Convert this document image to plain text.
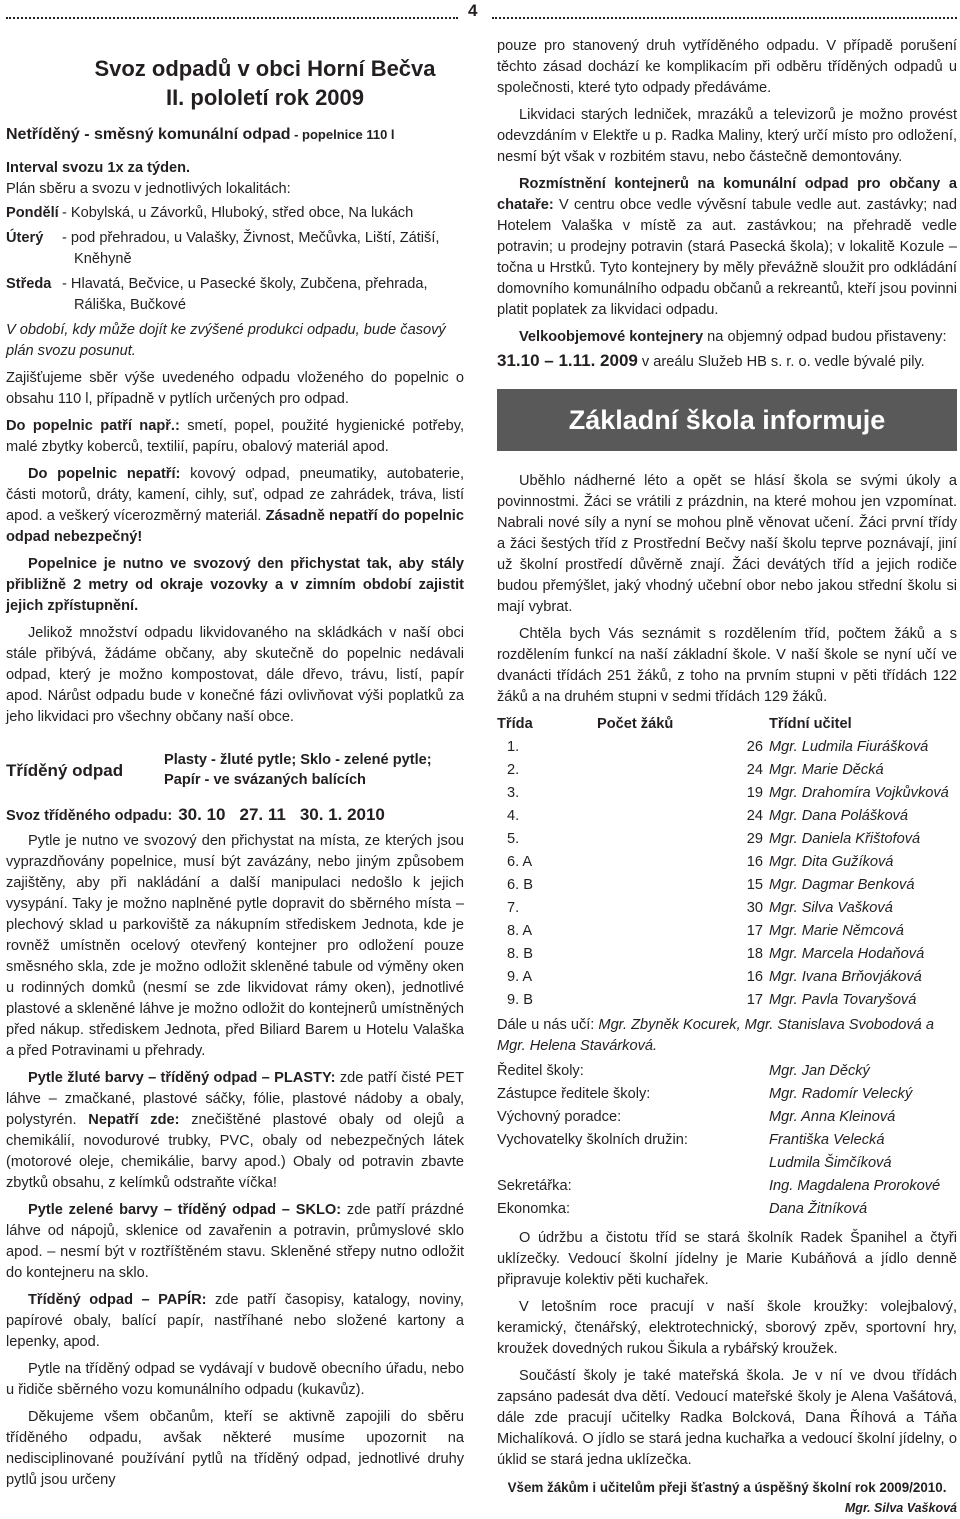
4
Svoz odpadů v obci Horní Bečva
II. pololetí rok 2009
Netříděný - směsný komunální odpad - popelnice 110 l

Interval svozu 1x za týden.

Plán sběru a svozu v jednotlivých lokalitách:

Pondělí - Kobylská, u Závorků, Hluboký, střed obce, Na lukách
Úterý	- pod přehradou, u Valašky, Živnost, Mečůvka, Liští, Zátiší,
Kněhyně
Středa - Hlavatá, Bečvice, u Pasecké školy, Zubčena, přehrada,
Ráliška, Bučkové

V období, kdy může dojít ke zvýšené produkci odpadu, bude časový plán svozu posunut.

Zajišťujeme sběr výše uvedeného odpadu vloženého do popelnic o obsahu 110 l, případně v pytlích určených pro odpad.

Do popelnic patří např.: smetí, popel, použité hygienické potřeby, malé zbytky koberců, textilií, papíru, obalový materiál apod.

Do popelnic nepatří: kovový odpad, pneumatiky, autobaterie, části motorů, dráty, kamení, cihly, suť, odpad ze zahrádek, tráva, listí apod. a veškerý vícerozměrný materiál. Zásadně nepatří do popelnic odpad nebezpečný!

Popelnice je nutno ve svozový den přichystat tak, aby stály přibližně 2 metry od okraje vozovky a v zimním období zajistit jejich zpřístupnění.

Jelikož množství odpadu likvidovaného na skládkách v naší obci stále přibývá, žádáme občany, aby skutečně do popelnic nedávali odpad, který je možno kompostovat, dále dřevo, trávu, listí, papír apod. Nárůst odpadu bude v konečné fázi ovlivňovat výši poplatků za jeho likvidaci pro všechny občany naší obce.

Tříděný odpad
Plasty - žluté pytle; Sklo - zelené pytle;
Papír - ve svázaných balících
Svoz tříděného odpadu: 30. 10 27. 11 30. 1. 2010

Pytle je nutno ve svozový den přichystat na místa, ze kterých jsou vyprazdňovány popelnice, musí být zavázány, nebo jiným způsobem zajištěny, aby při nakládání a další manipulaci nedošlo k jejich vysypání. Taky je možno naplněné pytle dopravit do sběrného místa – plechový sklad u parkoviště za nákupním střediskem Jednota, kde je rovněž umístněn ocelový otevřený kontejner pro odložení pouze směsného skla, zde je možno odložit skleněné tabule od výměny oken u rodinných domků (nesmí se zde likvidovat rámy oken), jednotlivé plastové a skleněné láhve je možno odložit do kontejnerů umístněných před nákup. střediskem Jednota, před Biliard Barem u Hotelu Valaška a před Potravinami u přehrady.

Pytle žluté barvy – tříděný odpad – PLASTY: zde patří čisté PET láhve – zmačkané, plastové sáčky, fólie, plastové nádoby a obaly, polystyrén. Nepatří zde: znečištěné plastové obaly od olejů a chemikálií, novodurové trubky, PVC, obaly od nebezpečných látek (motorové oleje, chemikálie, barvy apod.) Obaly od potravin zbavte zbytků obsahu, z kelímků odstraňte víčka!

Pytle zelené barvy – tříděný odpad – SKLO: zde patří prázdné láhve od nápojů, sklenice od zavařenin a potravin, průmyslové sklo apod. – nesmí být v roztříštěném stavu. Skleněné střepy nutno odložit do kontejneru na sklo.

Tříděný odpad – PAPÍR: zde patří časopisy, katalogy, noviny, papírové obaly, balící papír, nastříhané nebo složené kartony a lepenky, apod.

Pytle na tříděný odpad se vydávají v budově obecního úřadu, nebo u řidiče sběrného vozu komunálního odpadu (kukavůz).

Děkujeme všem občanům, kteří se aktivně zapojili do sběru tříděného odpadu, avšak některé musíme upozornit na nedisciplinované používání pytlů na tříděný odpad, jednotlivé druhy pytlů jsou určeny

pouze pro stanovený druh vytříděného odpadu. V případě porušení těchto zásad dochází ke komplikacím při odběru tříděných odpadů u společnosti, které tyto odpady předáváme.

Likvidaci starých ledniček, mrazáků a televizorů je možno provést odevzdáním v Elektře u p. Radka Maliny, který určí místo pro odložení, nesmí být však v rozbitém stavu, nebo částečně demontovány.

Rozmístnění kontejnerů na komunální odpad pro občany a chataře: V centru obce vedle vývěsní tabule vedle aut. zastávky; nad Hotelem Valaška v místě za aut. zastávkou; na přehradě vedle potravin; u prodejny potravin (stará Pasecká škola); v lokalitě Kozule – točna u Hrstků. Tyto kontejnery by měly převážně sloužit pro odkládání domovního komunálního odpadu občanů a rekreantů, kteří jsou povinni platit poplatek za likvidaci odpadu.

Velkoobjemové kontejnery na objemný odpad budou přistaveny:

31.10 – 1.11. 2009 v areálu Služeb HB s. r. o. vedle bývalé pily.

Základní škola informuje

Uběhlo nádherné léto a opět se hlásí škola se svými úkoly a povinnostmi. Žáci se vrátili z prázdnin, na které mohou jen vzpomínat. Nabrali nové síly a nyní se mohou plně věnovat učení. Žáci první třídy a žáci šestých tříd z Prostřední Bečvy naší školu teprve poznávají, jiní už školní prostředí důvěrně znají. Žáci devátých tříd a jejich rodiče budou přemýšlet, jaký vhodný učební obor nebo jakou střední školu si mají vybrat.

Chtěla bych Vás seznámit s rozdělením tříd, počtem žáků a s rozdělením funkcí na naší základní škole. V naší škole se nyní učí ve dvanácti třídách 251 žáků, z toho na prvním stupni v pěti třídách 122 žáků a na druhém stupni v sedmi třídách 129 žáků.

Třída	Počet žáků	Třídní učitel
1.	26	Mgr. Ludmila Fiurášková
2.	24	Mgr. Marie Děcká
3.	19	Mgr. Drahomíra Vojkůvková
4.	24	Mgr. Dana Polášková
5.	29	Mgr. Daniela Křištofová
6. A	16	Mgr. Dita Gužíková
6. B	15	Mgr. Dagmar Benková
7.	30	Mgr. Silva Vašková
8. A	17	Mgr. Marie Němcová
8. B	18	Mgr. Marcela Hodaňová
9. A	16	Mgr. Ivana Brňovjáková
9. B	17	Mgr. Pavla Tovaryšová

Dále u nás učí: Mgr. Zbyněk Kocurek, Mgr. Stanislava Svobodová a Mgr. Helena Stavárková.

Ředitel školy:	Mgr. Jan Děcký
Zástupce ředitele školy:	Mgr. Radomír Velecký
Výchovný poradce:	Mgr. Anna Kleinová
Vychovatelky školních družin:	Františka Velecká
Ludmila Šimčíková
Sekretářka:	Ing. Magdalena Prorokové
Ekonomka:	Dana Žitníková

O údržbu a čistotu tříd se stará školník Radek Španihel a čtyři uklízečky. Vedoucí školní jídelny je Marie Kubáňová a jídlo denně připravuje kolektiv pěti kuchařek.

V letošním roce pracují v naší škole kroužky: volejbalový, keramický, čtenářský, elektrotechnický, sborový zpěv, sportovní hry, kroužek dovedných rukou Šikula a rybářský kroužek.

Součástí školy je také mateřská škola. Je v ní ve dvou třídách zapsáno padesát dva dětí. Vedoucí mateřské školy je Alena Vašátová, dále zde pracují učitelky Radka Bolcková, Dana Říhová a Táňa Michalíková. O jídlo se stará jedna kuchařka a vedoucí školní jídelny, o úklid se stará jedna uklízečka.

Všem žákům i učitelům přeji šťastný a úspěšný školní rok 2009/2010.

Mgr. Silva Vašková
